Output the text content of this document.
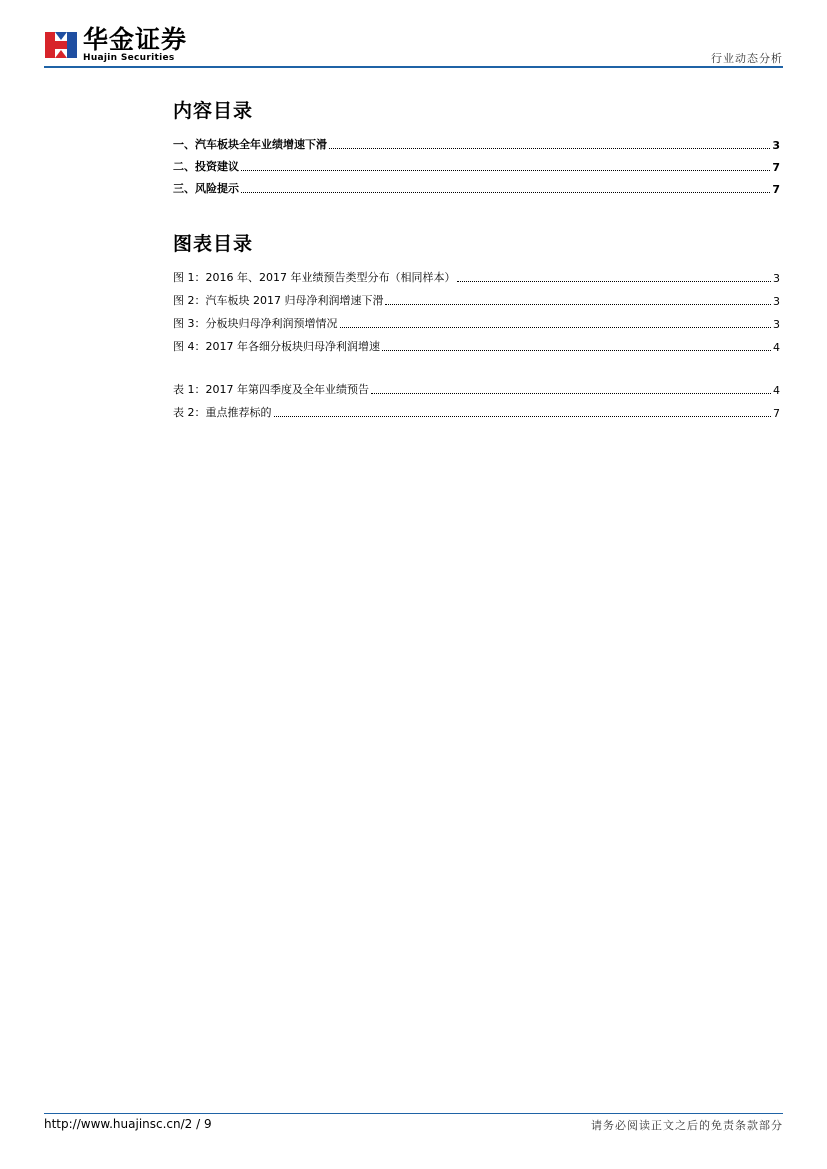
华金证券
Huajin Securities	行业动态分析
内容目录
一、汽车板块全年业绩增速下滑	3
二、投资建议	7
三、风险提示	7
图表目录
图 1：2016 年、2017 年业绩预告类型分布（相同样本）	3
图 2：汽车板块 2017 归母净利润增速下滑	3
图 3：分板块归母净利润预增情况	3
图 4：2017 年各细分板块归母净利润增速	4
表 1：2017 年第四季度及全年业绩预告	4
表 2：重点推荐标的	7
http://www.huajinsc.cn/2 / 9	请务必阅读正文之后的免责条款部分
